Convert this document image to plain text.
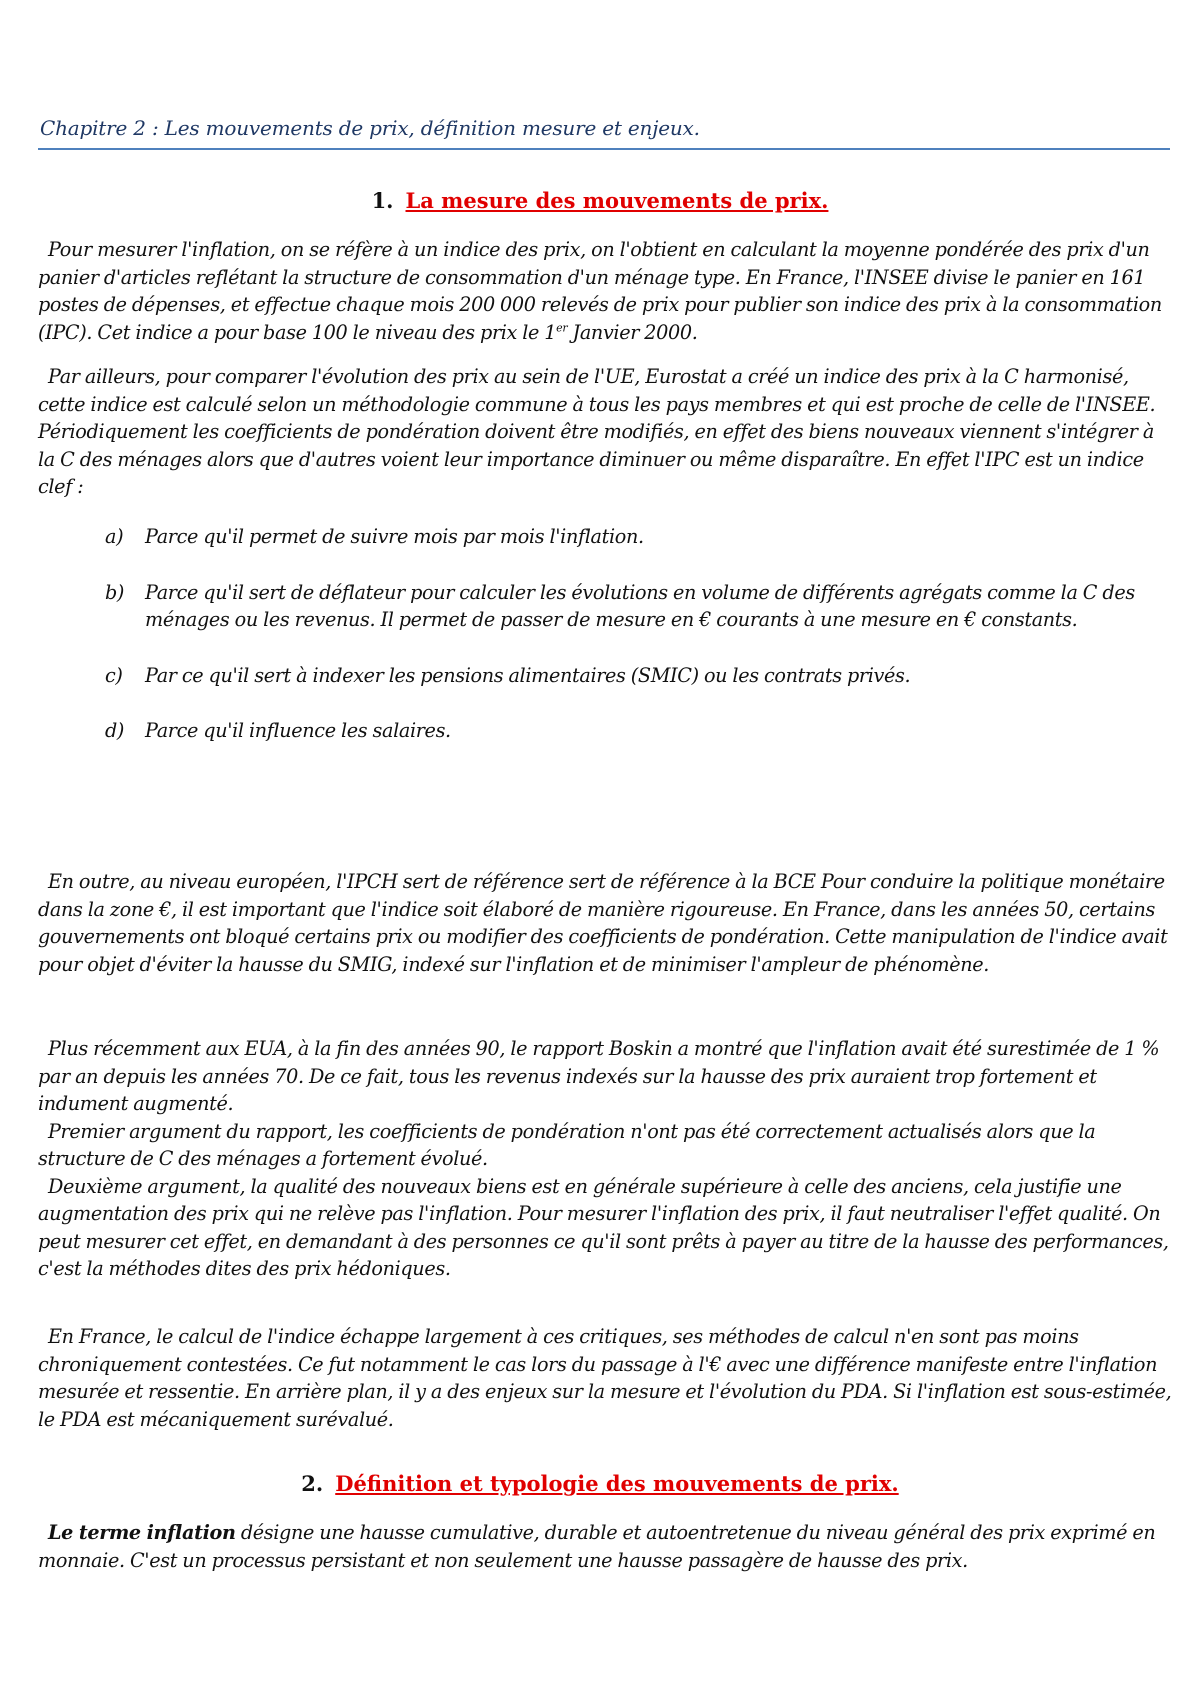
Chapitre 2 : Les mouvements de prix, définition mesure et enjeux.
1. La mesure des mouvements de prix.

Pour mesurer l'inflation, on se réfère à un indice des prix, on l'obtient en calculant la moyenne pondérée des prix d'un panier d'articles reflétant la structure de consommation d'un ménage type. En France, l'INSEE divise le panier en 161 postes de dépenses, et effectue chaque mois 200 000 relevés de prix pour publier son indice des prix à la consommation (IPC). Cet indice a pour base 100 le niveau des prix le 1er Janvier 2000.

Par ailleurs, pour comparer l'évolution des prix au sein de l'UE, Eurostat a créé un indice des prix à la C harmonisé, cette indice est calculé selon un méthodologie commune à tous les pays membres et qui est proche de celle de l'INSEE. Périodiquement les coefficients de pondération doivent être modifiés, en effet des biens nouveaux viennent s'intégrer à la C des ménages alors que d'autres voient leur importance diminuer ou même disparaître. En effet l'IPC est un indice clef :

a) Parce qu'il permet de suivre mois par mois l'inflation.
b) Parce qu'il sert de déflateur pour calculer les évolutions en volume de différents agrégats comme la C des ménages ou les revenus. Il permet de passer de mesure en € courants à une mesure en € constants.
c) Par ce qu'il sert à indexer les pensions alimentaires (SMIC) ou les contrats privés.
d) Parce qu'il influence les salaires.

En outre, au niveau européen, l'IPCH sert de référence sert de référence à la BCE Pour conduire la politique monétaire dans la zone €, il est important que l'indice soit élaboré de manière rigoureuse. En France, dans les années 50, certains gouvernements ont bloqué certains prix ou modifier des coefficients de pondération. Cette manipulation de l'indice avait pour objet d'éviter la hausse du SMIG, indexé sur l'inflation et de minimiser l'ampleur de phénomène.

Plus récemment aux EUA, à la fin des années 90, le rapport Boskin a montré que l'inflation avait été surestimée de 1 % par an depuis les années 70. De ce fait, tous les revenus indexés sur la hausse des prix auraient trop fortement et indument augmenté.

Premier argument du rapport, les coefficients de pondération n'ont pas été correctement actualisés alors que la structure de C des ménages a fortement évolué.

Deuxième argument, la qualité des nouveaux biens est en générale supérieure à celle des anciens, cela justifie une augmentation des prix qui ne relève pas l'inflation. Pour mesurer l'inflation des prix, il faut neutraliser l'effet qualité. On peut mesurer cet effet, en demandant à des personnes ce qu'il sont prêts à payer au titre de la hausse des performances, c'est la méthodes dites des prix hédoniques.

En France, le calcul de l'indice échappe largement à ces critiques, ses méthodes de calcul n'en sont pas moins chroniquement contestées. Ce fut notamment le cas lors du passage à l'€ avec une différence manifeste entre l'inflation mesurée et ressentie. En arrière plan, il y a des enjeux sur la mesure et l'évolution du PDA. Si l'inflation est sous-estimée, le PDA est mécaniquement surévalué.

2. Définition et typologie des mouvements de prix.

Le terme inflation désigne une hausse cumulative, durable et autoentretenue du niveau général des prix exprimé en monnaie. C'est un processus persistant et non seulement une hausse passagère de hausse des prix.
